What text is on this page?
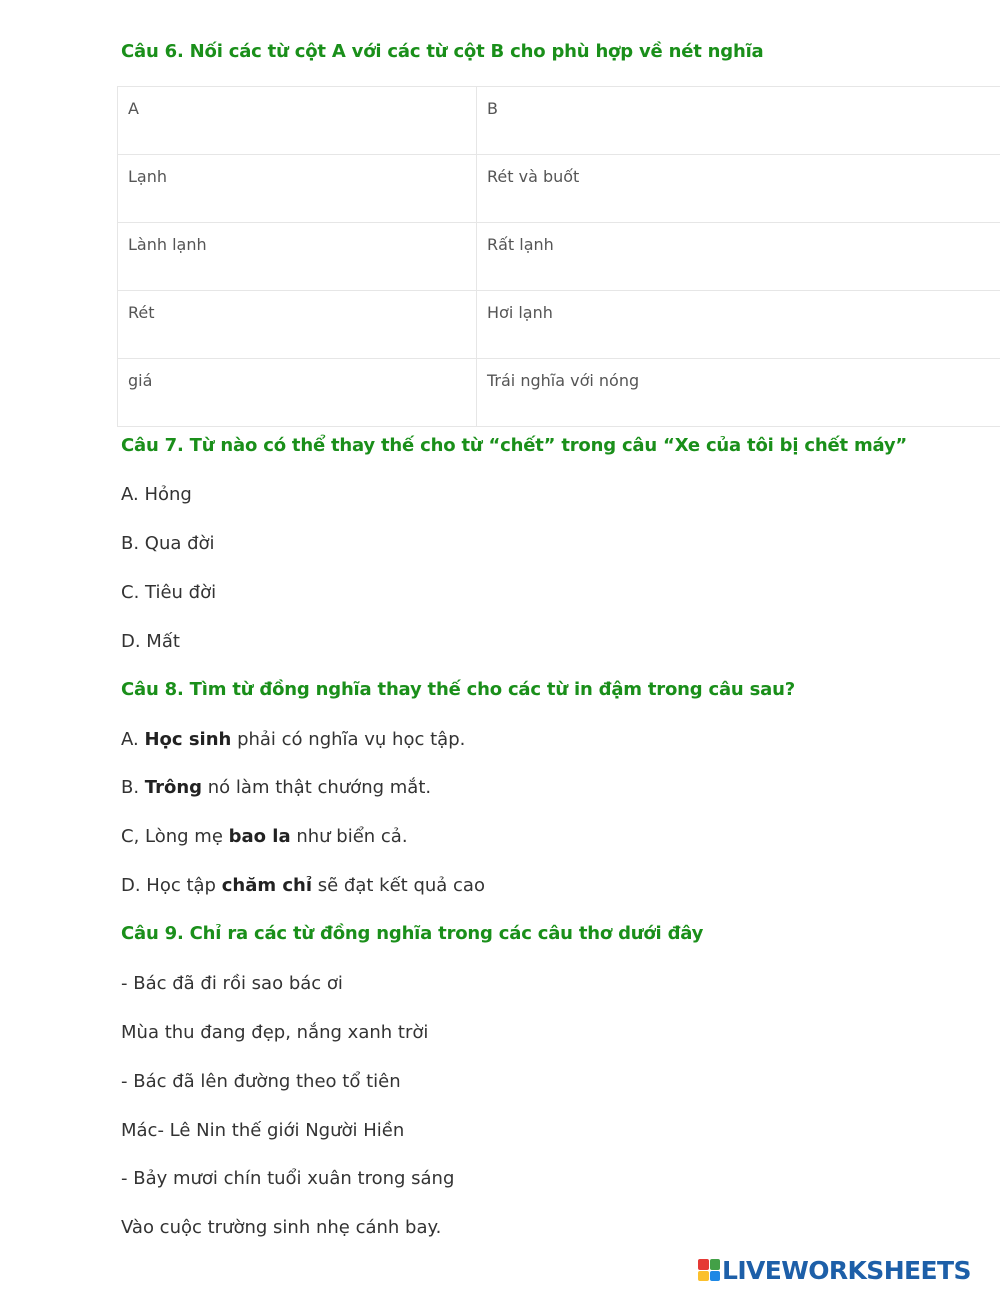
Câu 6. Nối các từ cột A với các từ cột B cho phù hợp về nét nghĩa
A	B
Lạnh	Rét và buốt
Lành lạnh	Rất lạnh
Rét	Hơi lạnh
giá	Trái nghĩa với nóng
Câu 7. Từ nào có thể thay thế cho từ “chết” trong câu “Xe của tôi bị chết máy”
A. Hỏng
B. Qua đời
C. Tiêu đời
D. Mất
Câu 8. Tìm từ đồng nghĩa thay thế cho các từ in đậm trong câu sau?
A. Học sinh phải có nghĩa vụ học tập.
B. Trông nó làm thật chướng mắt.
C, Lòng mẹ bao la như biển cả.
D. Học tập chăm chỉ sẽ đạt kết quả cao
Câu 9. Chỉ ra các từ đồng nghĩa trong các câu thơ dưới đây
- Bác đã đi rồi sao bác ơi
Mùa thu đang đẹp, nắng xanh trời
- Bác đã lên đường theo tổ tiên
Mác- Lê Nin thế giới Người Hiền
- Bảy mươi chín tuổi xuân trong sáng
Vào cuộc trường sinh nhẹ cánh bay.
LIVEWORKSHEETS
